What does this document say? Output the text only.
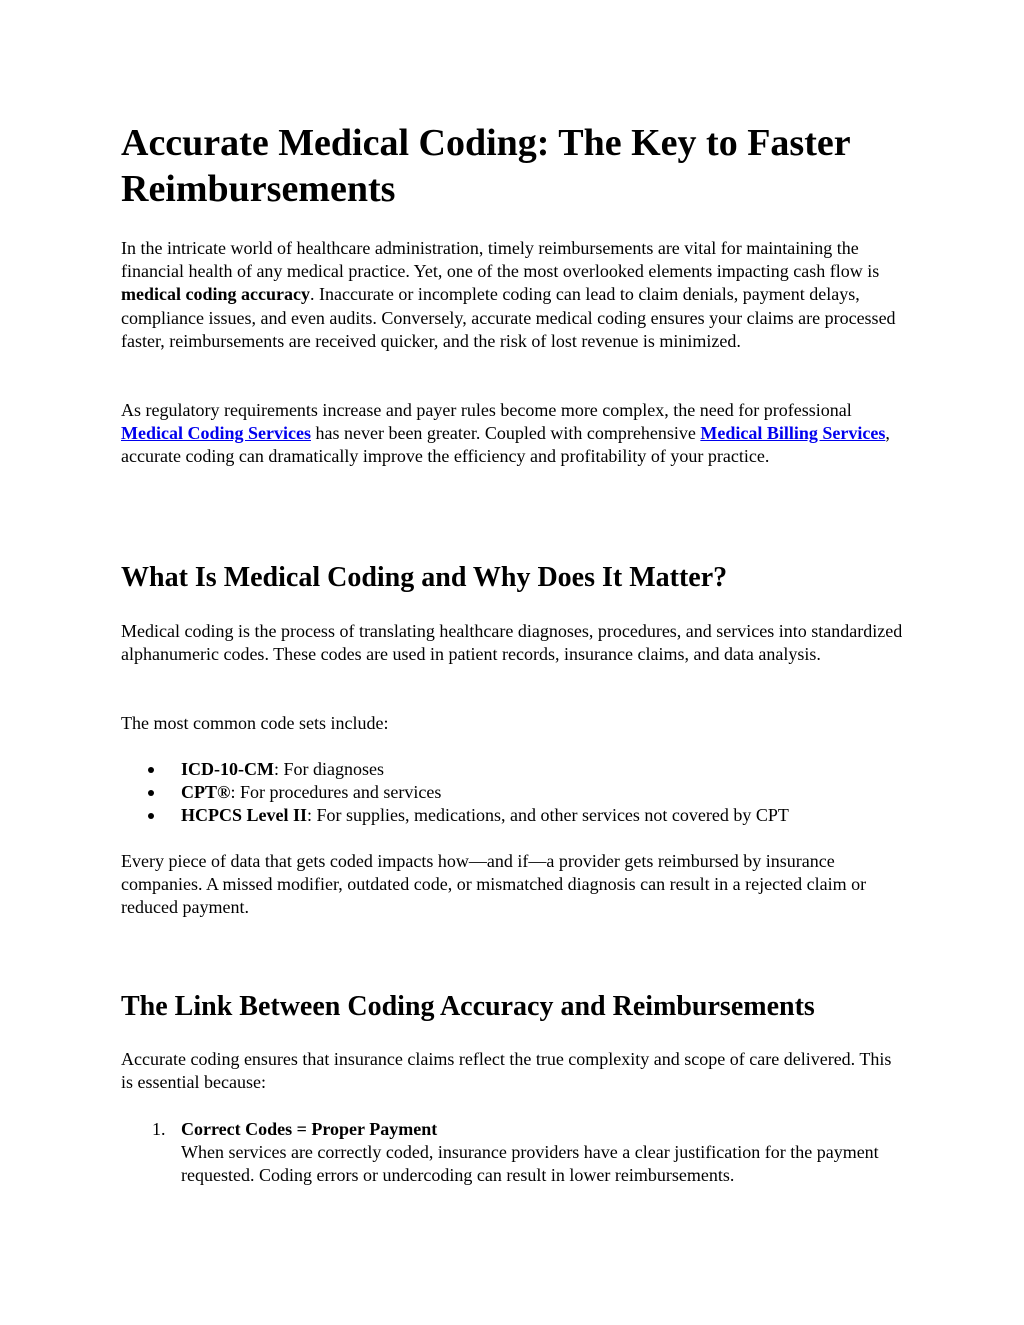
Accurate Medical Coding: The Key to Faster Reimbursements

In the intricate world of healthcare administration, timely reimbursements are vital for maintaining the financial health of any medical practice. Yet, one of the most overlooked elements impacting cash flow is medical coding accuracy. Inaccurate or incomplete coding can lead to claim denials, payment delays, compliance issues, and even audits. Conversely, accurate medical coding ensures your claims are processed faster, reimbursements are received quicker, and the risk of lost revenue is minimized.

As regulatory requirements increase and payer rules become more complex, the need for professional Medical Coding Services has never been greater. Coupled with comprehensive Medical Billing Services, accurate coding can dramatically improve the efficiency and profitability of your practice.

What Is Medical Coding and Why Does It Matter?

Medical coding is the process of translating healthcare diagnoses, procedures, and services into standardized alphanumeric codes. These codes are used in patient records, insurance claims, and data analysis.

The most common code sets include:

ICD-10-CM: For diagnoses
CPT®: For procedures and services
HCPCS Level II: For supplies, medications, and other services not covered by CPT

Every piece of data that gets coded impacts how—and if—a provider gets reimbursed by insurance companies. A missed modifier, outdated code, or mismatched diagnosis can result in a rejected claim or reduced payment.

The Link Between Coding Accuracy and Reimbursements

Accurate coding ensures that insurance claims reflect the true complexity and scope of care delivered. This is essential because:

1. Correct Codes = Proper Payment
When services are correctly coded, insurance providers have a clear justification for the payment requested. Coding errors or undercoding can result in lower reimbursements.
